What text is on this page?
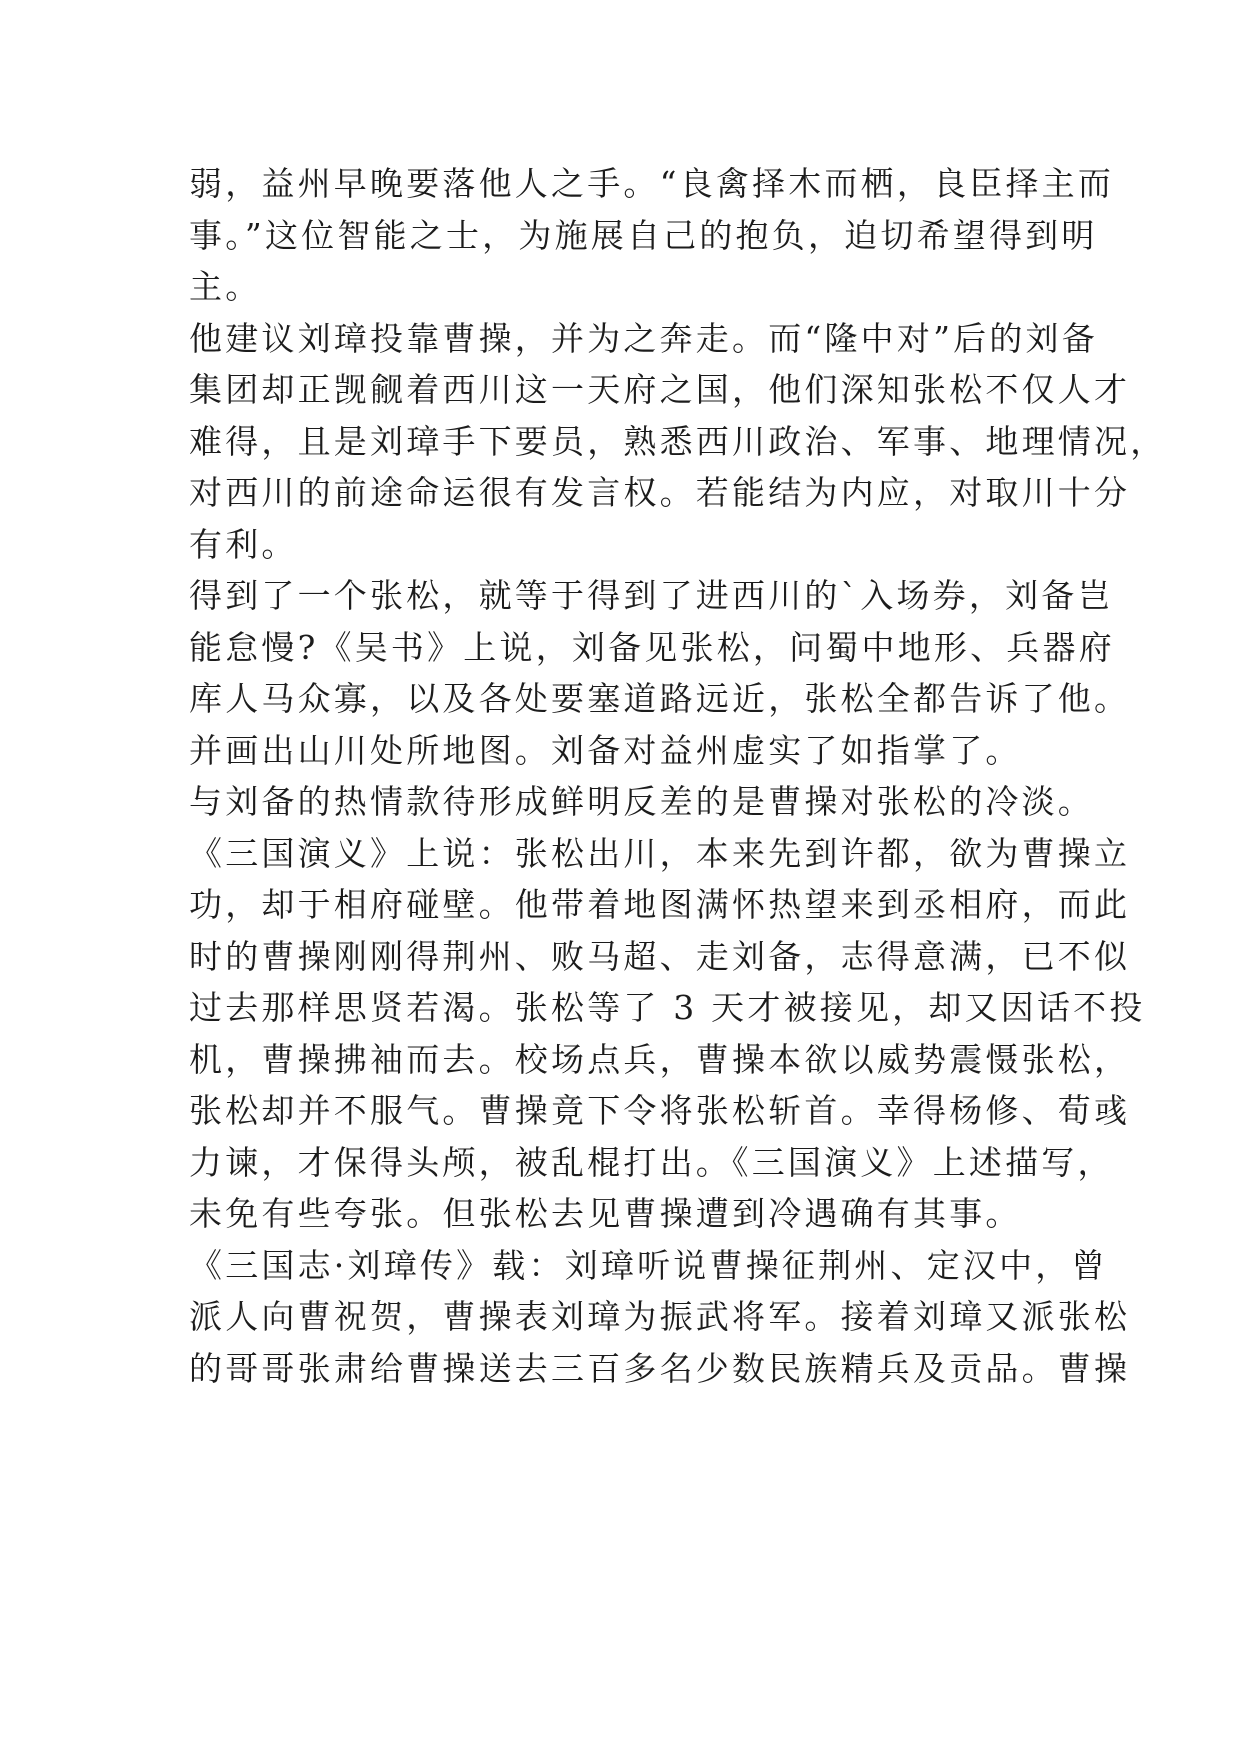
弱，益州早晚要落他人之手。“良禽择木而栖，良臣择主而
事。”这位智能之士，为施展自己的抱负，迫切希望得到明
主。
他建议刘璋投靠曹操，并为之奔走。而“隆中对”后的刘备
集团却正觊觎着西川这一天府之国，他们深知张松不仅人才
难得，且是刘璋手下要员，熟悉西川政治、军事、地理情况，
对西川的前途命运很有发言权。若能结为内应，对取川十分
有利。
得到了一个张松，就等于得到了进西川的`入场券，刘备岂
能怠慢?《吴书》上说，刘备见张松，问蜀中地形、兵器府
库人马众寡，以及各处要塞道路远近，张松全都告诉了他。
并画出山川处所地图。刘备对益州虚实了如指掌了。
与刘备的热情款待形成鲜明反差的是曹操对张松的冷淡。
《三国演义》上说：张松出川，本来先到许都，欲为曹操立
功，却于相府碰壁。他带着地图满怀热望来到丞相府，而此
时的曹操刚刚得荆州、败马超、走刘备，志得意满，已不似
过去那样思贤若渴。张松等了 3 天才被接见，却又因话不投
机，曹操拂袖而去。校场点兵，曹操本欲以威势震慑张松，
张松却并不服气。曹操竟下令将张松斩首。幸得杨修、荀彧
力谏，才保得头颅，被乱棍打出。《三国演义》上述描写，
未免有些夸张。但张松去见曹操遭到冷遇确有其事。
《三国志·刘璋传》载：刘璋听说曹操征荆州、定汉中，曾
派人向曹祝贺，曹操表刘璋为振武将军。接着刘璋又派张松
的哥哥张肃给曹操送去三百多名少数民族精兵及贡品。曹操
